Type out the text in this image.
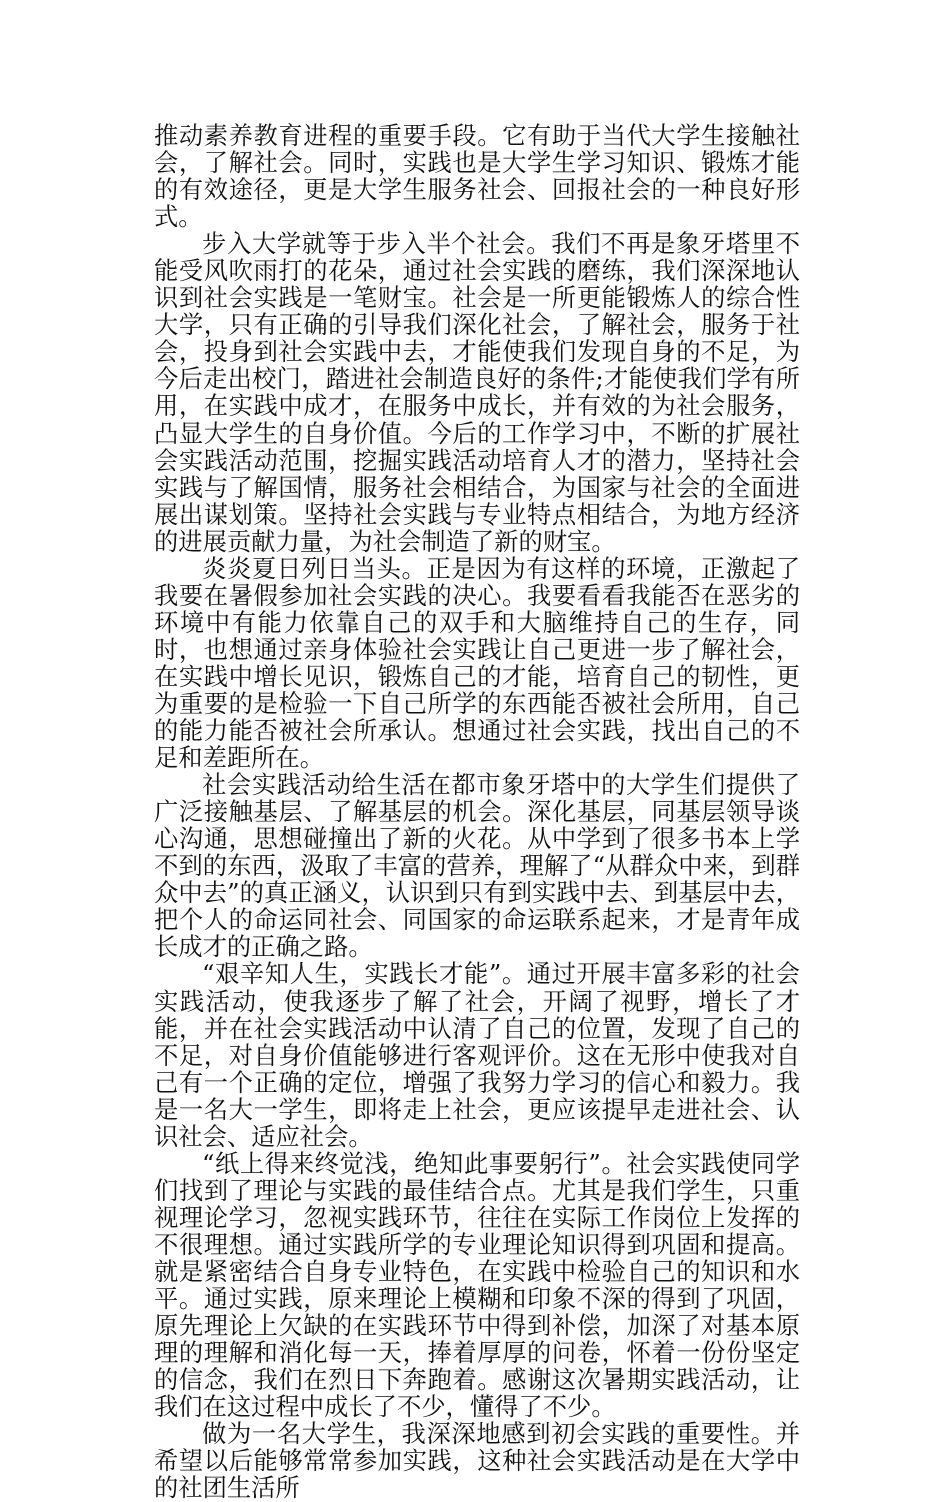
推动素养教育进程的重要手段。它有助于当代大学生接触社会，了解社会。同时，实践也是大学生学习知识、锻炼才能的有效途径，更是大学生服务社会、回报社会的一种良好形式。

步入大学就等于步入半个社会。我们不再是象牙塔里不能受风吹雨打的花朵，通过社会实践的磨练，我们深深地认识到社会实践是一笔财宝。社会是一所更能锻炼人的综合性大学，只有正确的引导我们深化社会，了解社会，服务于社会，投身到社会实践中去，才能使我们发现自身的不足，为今后走出校门，踏进社会制造良好的条件;才能使我们学有所用，在实践中成才，在服务中成长，并有效的为社会服务，凸显大学生的自身价值。今后的工作学习中，不断的扩展社会实践活动范围，挖掘实践活动培育人才的潜力，坚持社会实践与了解国情，服务社会相结合，为国家与社会的全面进展出谋划策。坚持社会实践与专业特点相结合，为地方经济的进展贡献力量，为社会制造了新的财宝。

炎炎夏日列日当头。正是因为有这样的环境，正激起了我要在暑假参加社会实践的决心。我要看看我能否在恶劣的环境中有能力依靠自己的双手和大脑维持自己的生存，同时，也想通过亲身体验社会实践让自己更进一步了解社会，在实践中增长见识，锻炼自己的才能，培育自己的韧性，更为重要的是检验一下自己所学的东西能否被社会所用，自己的能力能否被社会所承认。想通过社会实践，找出自己的不足和差距所在。

社会实践活动给生活在都市象牙塔中的大学生们提供了广泛接触基层、了解基层的机会。深化基层，同基层领导谈心沟通，思想碰撞出了新的火花。从中学到了很多书本上学不到的东西，汲取了丰富的营养，理解了“从群众中来，到群众中去”的真正涵义，认识到只有到实践中去、到基层中去，把个人的命运同社会、同国家的命运联系起来，才是青年成长成才的正确之路。

“艰辛知人生，实践长才能”。通过开展丰富多彩的社会实践活动，使我逐步了解了社会，开阔了视野，增长了才能，并在社会实践活动中认清了自己的位置，发现了自己的不足，对自身价值能够进行客观评价。这在无形中使我对自己有一个正确的定位，增强了我努力学习的信心和毅力。我是一名大一学生，即将走上社会，更应该提早走进社会、认识社会、适应社会。

“纸上得来终觉浅，绝知此事要躬行”。社会实践使同学们找到了理论与实践的最佳结合点。尤其是我们学生，只重视理论学习，忽视实践环节，往往在实际工作岗位上发挥的不很理想。通过实践所学的专业理论知识得到巩固和提高。就是紧密结合自身专业特色，在实践中检验自己的知识和水平。通过实践，原来理论上模糊和印象不深的得到了巩固，原先理论上欠缺的在实践环节中得到补偿，加深了对基本原理的理解和消化每一天，捧着厚厚的问卷，怀着一份份坚定的信念，我们在烈日下奔跑着。感谢这次暑期实践活动，让我们在这过程中成长了不少，懂得了不少。

做为一名大学生，我深深地感到初会实践的重要性。并希望以后能够常常参加实践，这种社会实践活动是在大学中的社团生活所
